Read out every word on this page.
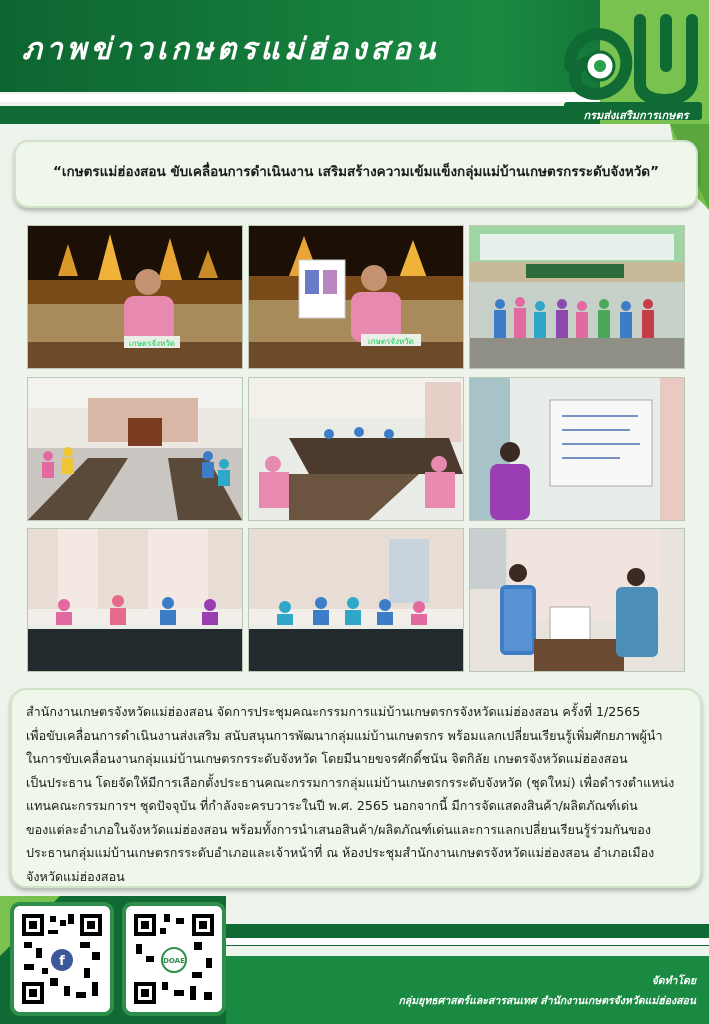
ภาพข่าวเกษตรแม่ฮ่องสอน
กรมส่งเสริมการเกษตร
“เกษตรแม่ฮ่องสอน ขับเคลื่อนการดำเนินงาน เสริมสร้างความเข้มแข็งกลุ่มแม่บ้านเกษตรกรระดับจังหวัด”
เกษตรจังหวัด	เกษตรจังหวัด
สำนักงานเกษตรจังหวัดแม่ฮ่องสอน จัดการประชุมคณะกรรมการแม่บ้านเกษตรกรจังหวัดแม่ฮ่องสอน ครั้งที่ 1/2565
เพื่อขับเคลื่อนการดำเนินงานส่งเสริม สนับสนุนการพัฒนากลุ่มแม่บ้านเกษตรกร พร้อมแลกเปลี่ยนเรียนรู้เพิ่มศักยภาพผู้นำ
ในการขับเคลื่อนงานกลุ่มแม่บ้านเกษตรกรระดับจังหวัด โดยมีนายขจรศักดิ์ชนัน จิตกิลัย เกษตรจังหวัดแม่ฮ่องสอน
เป็นประธาน โดยจัดให้มีการเลือกตั้งประธานคณะกรรมการกลุ่มแม่บ้านเกษตรกรระดับจังหวัด (ชุดใหม่) เพื่อดำรงตำแหน่ง
แทนคณะกรรมการฯ ชุดปัจจุบัน ที่กำลังจะครบวาระในปี พ.ศ. 2565 นอกจากนี้ มีการจัดแสดงสินค้า/ผลิตภัณฑ์เด่น
ของแต่ละอำเภอในจังหวัดแม่ฮ่องสอน พร้อมทั้งการนำเสนอสินค้า/ผลิตภัณฑ์เด่นและการแลกเปลี่ยนเรียนรู้ร่วมกันของ
ประธานกลุ่มแม่บ้านเกษตรกรระดับอำเภอและเจ้าหน้าที่ ณ ห้องประชุมสำนักงานเกษตรจังหวัดแม่ฮ่องสอน อำเภอเมือง
จังหวัดแม่ฮ่องสอน
f	DOAE
จัดทำโดย
กลุ่มยุทธศาสตร์และสารสนเทศ สำนักงานเกษตรจังหวัดแม่ฮ่องสอน
